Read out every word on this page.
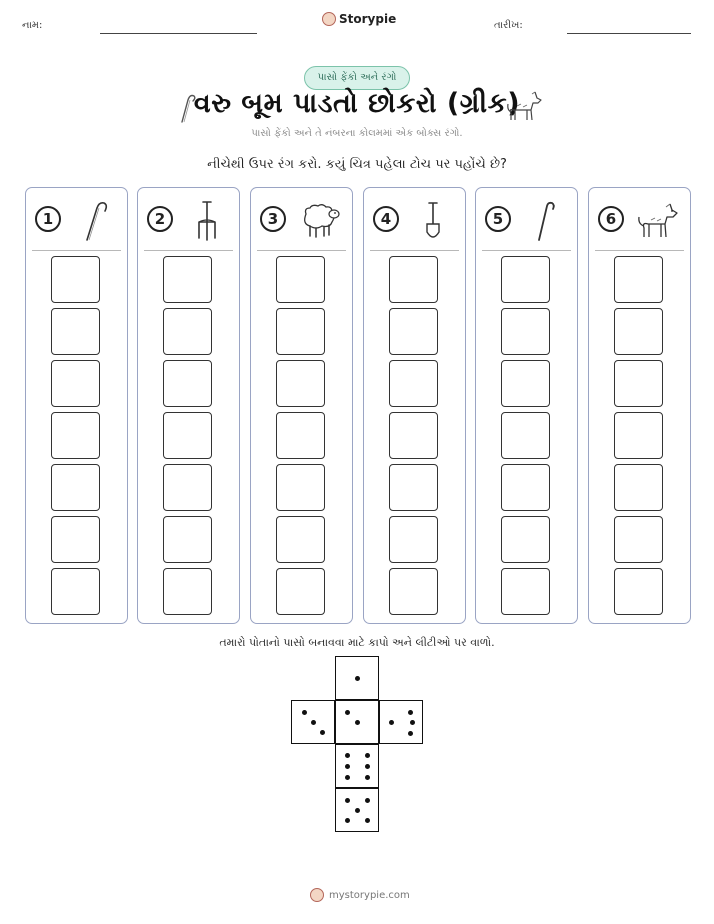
નામ:	Storypie	તારીખ:
પાસો ફેંકો અને રંગો
વરુ બૂમ પાડતો છોકરો (ગ્રીક)
પાસો ફેંકો અને તે નંબરના કોલમમાં એક બોક્સ રંગો.
નીચેથી ઉપર રંગ કરો. કયું ચિત્ર પહેલા ટોચ પર પહોંચે છે?
1	2	3	4	5	6
તમારો પોતાનો પાસો બનાવવા માટે કાપો અને લીટીઓ પર વાળો.
mystorypie.com
